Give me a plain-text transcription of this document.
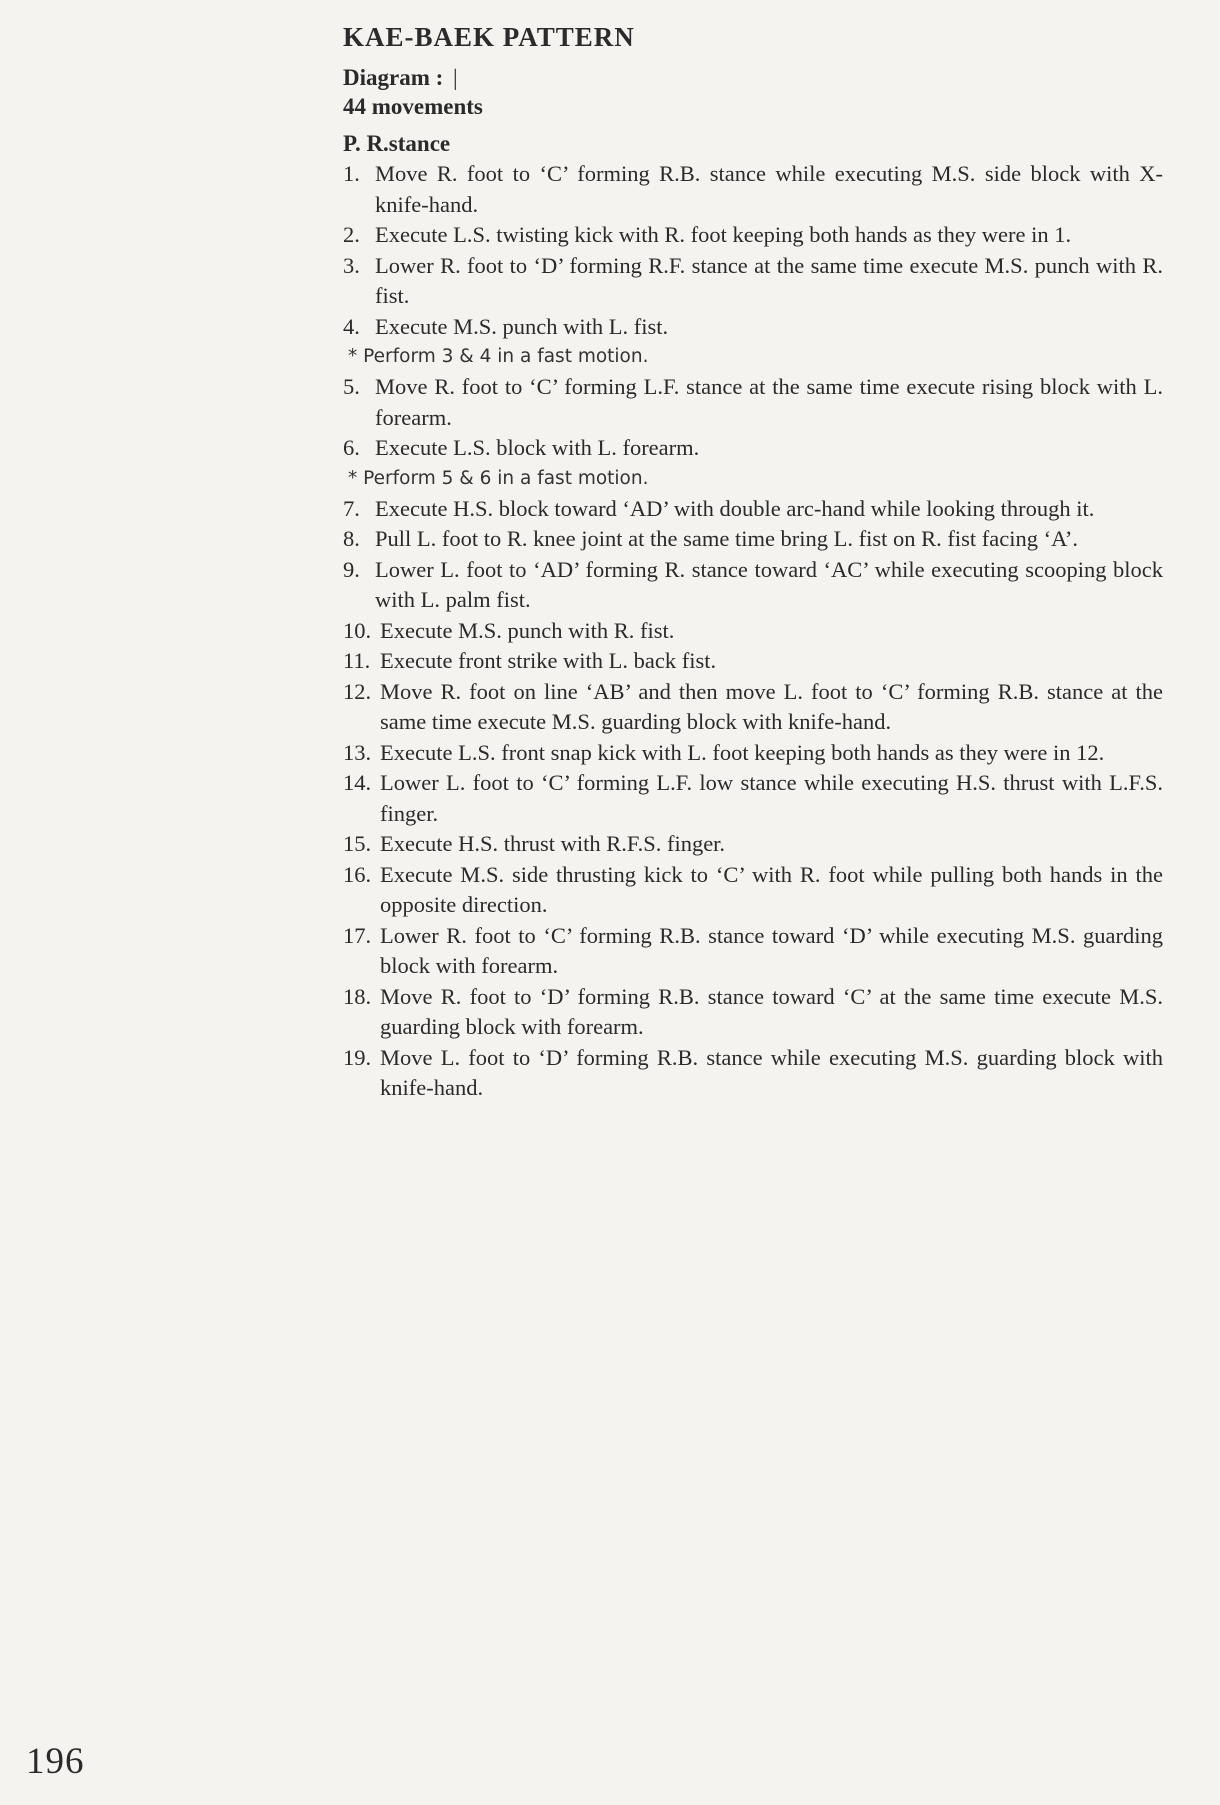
KAE-BAEK PATTERN

Diagram : |

44 movements

P. R.stance

1. Move R. foot to ‘C’ forming R.B. stance while executing M.S. side block with X-knife-hand.
2. Execute L.S. twisting kick with R. foot keeping both hands as they were in 1.
3. Lower R. foot to ‘D’ forming R.F. stance at the same time execute M.S. punch with R. fist.
4. Execute M.S. punch with L. fist.
* Perform 3 & 4 in a fast motion.
5. Move R. foot to ‘C’ forming L.F. stance at the same time execute rising block with L. forearm.
6. Execute L.S. block with L. forearm.
* Perform 5 & 6 in a fast motion.
7. Execute H.S. block toward ‘AD’ with double arc-hand while looking through it.
8. Pull L. foot to R. knee joint at the same time bring L. fist on R. fist facing ‘A’.
9. Lower L. foot to ‘AD’ forming R. stance toward ‘AC’ while executing scooping block with L. palm fist.
10. Execute M.S. punch with R. fist.
11. Execute front strike with L. back fist.
12. Move R. foot on line ‘AB’ and then move L. foot to ‘C’ forming R.B. stance at the same time execute M.S. guarding block with knife-hand.
13. Execute L.S. front snap kick with L. foot keeping both hands as they were in 12.
14. Lower L. foot to ‘C’ forming L.F. low stance while executing H.S. thrust with L.F.S. finger.
15. Execute H.S. thrust with R.F.S. finger.
16. Execute M.S. side thrusting kick to ‘C’ with R. foot while pulling both hands in the opposite direction.
17. Lower R. foot to ‘C’ forming R.B. stance toward ‘D’ while executing M.S. guarding block with forearm.
18. Move R. foot to ‘D’ forming R.B. stance toward ‘C’ at the same time execute M.S. guarding block with forearm.
19. Move L. foot to ‘D’ forming R.B. stance while executing M.S. guarding block with knife-hand.
196
